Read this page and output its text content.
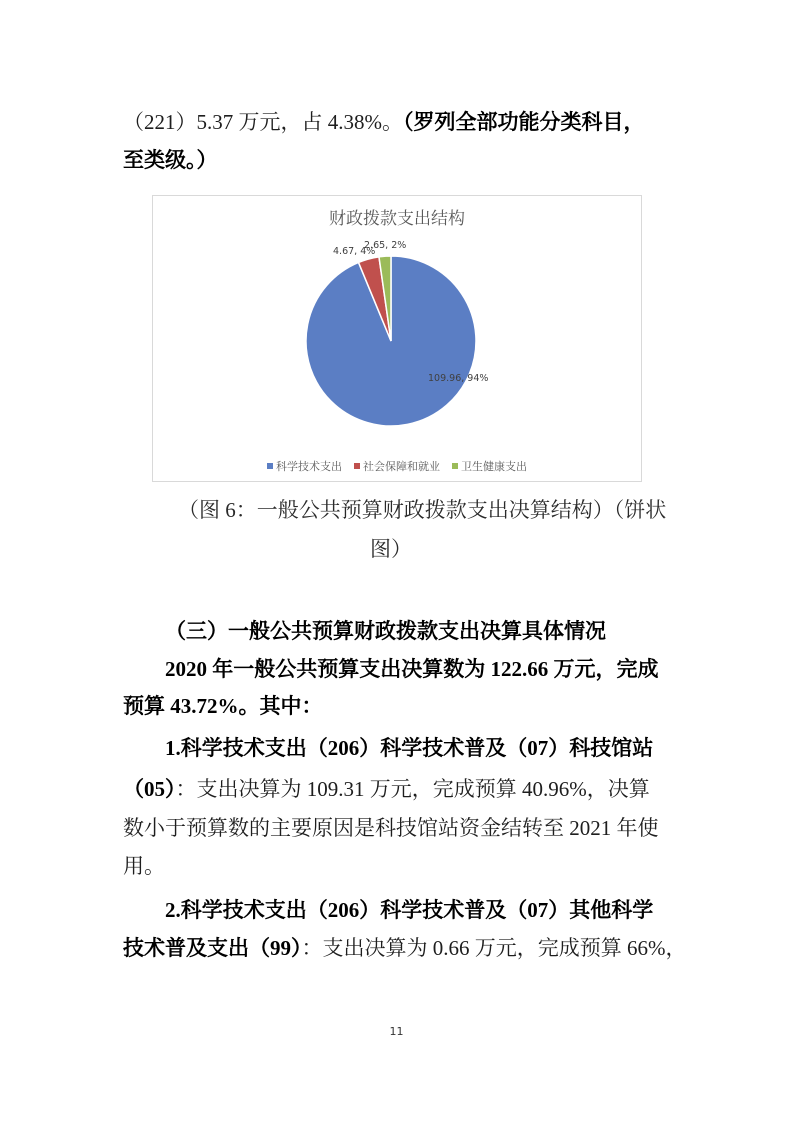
（221）5.37 万元，占 4.38%。（罗列全部功能分类科目，
至类级。）
财政拨款支出结构
109.96, 94%
4.67, 4%
2.65, 2%
科学技术支出 社会保障和就业 卫生健康支出
（图 6：一般公共预算财政拨款支出决算结构）（饼状
图）
（三）一般公共预算财政拨款支出决算具体情况
2020 年一般公共预算支出决算数为 122.66 万元，完成
预算 43.72%。其中：
1.科学技术支出（206）科学技术普及（07）科技馆站
（05）：支出决算为 109.31 万元，完成预算 40.96%，决算
数小于预算数的主要原因是科技馆站资金结转至 2021 年使
用。
2.科学技术支出（206）科学技术普及（07）其他科学
技术普及支出（99）：支出决算为 0.66 万元，完成预算 66%，
11
